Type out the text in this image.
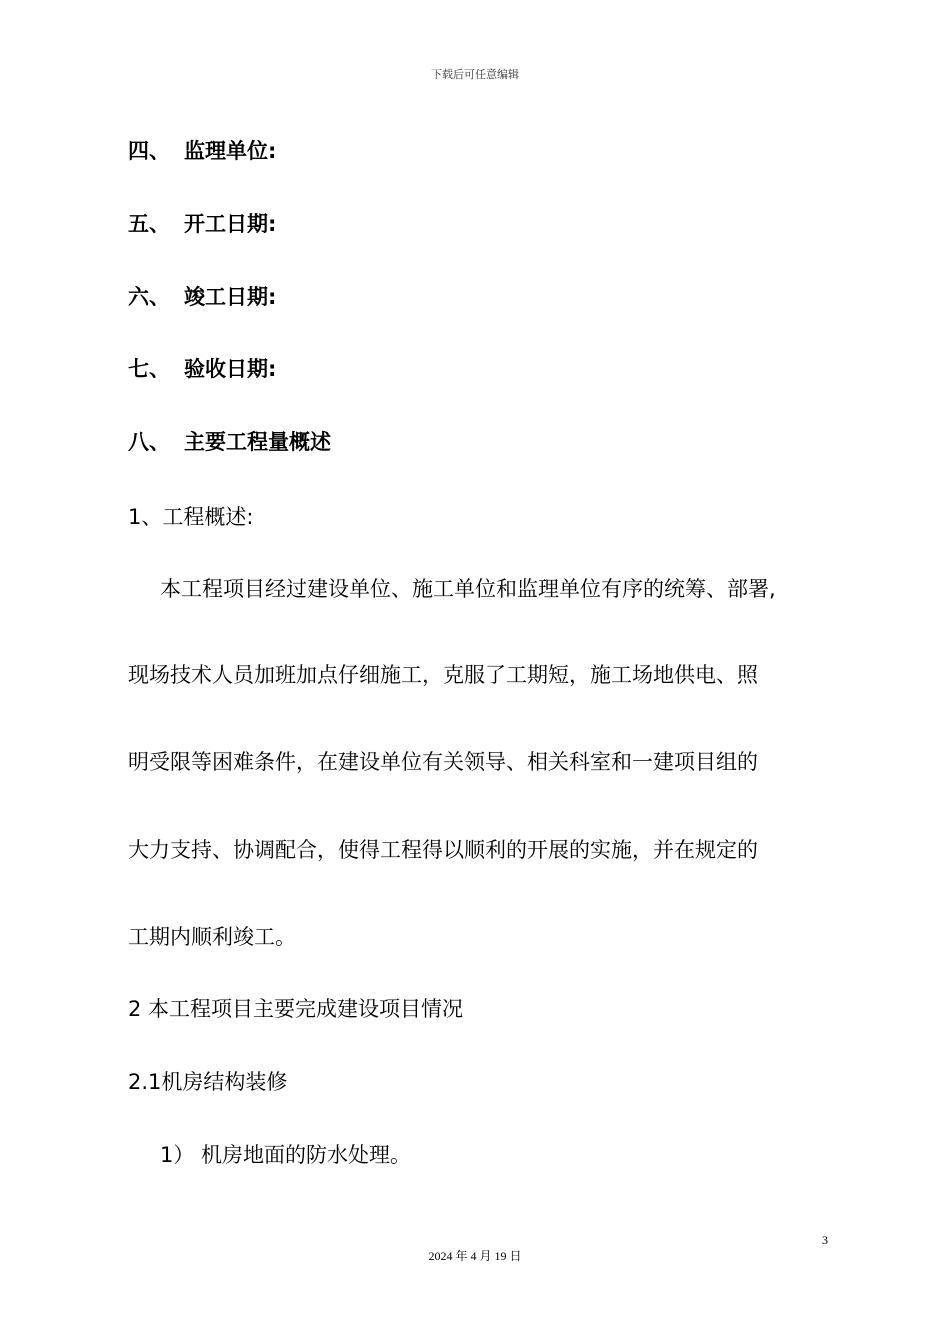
下载后可任意编辑
四、 监理单位:
五、 开工日期:
六、 竣工日期:
七、 验收日期:
八、 主要工程量概述
1、工程概述:
本工程项目经过建设单位、施工单位和监理单位有序的统筹、部署,
现场技术人员加班加点仔细施工，克服了工期短，施工场地供电、照
明受限等困难条件，在建设单位有关领导、相关科室和一建项目组的
大力支持、协调配合，使得工程得以顺利的开展的实施，并在规定的
工期内顺利竣工。
2 本工程项目主要完成建设项目情况
2.1机房结构装修
1） 机房地面的防水处理。
3
2024 年 4 月 19 日
